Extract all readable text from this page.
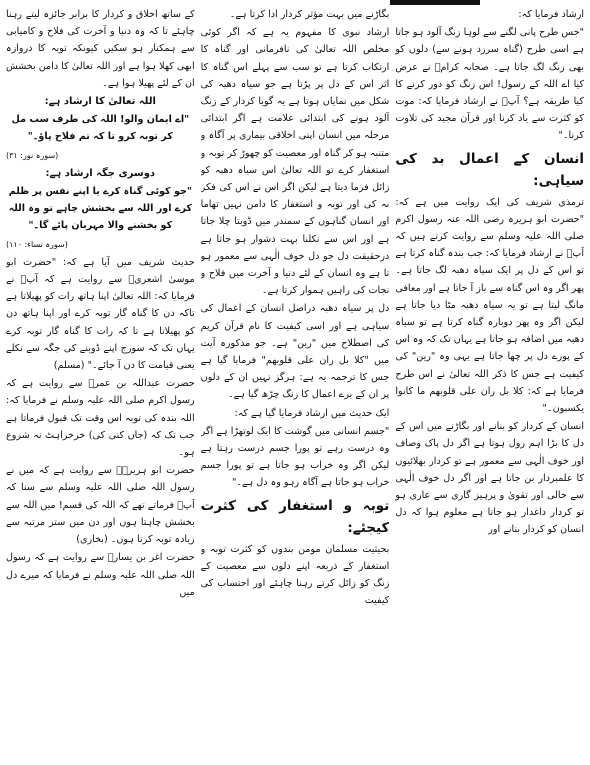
ارشاد فرمایا کہ:

"جس طرح پانی لگنے سے لوہا زنگ آلود ہو جاتا ہے اسی طرح (گناہ سرزد ہونے سے) دلوں کو بھی زنگ لگ جاتا ہے۔ صحابہ کرامؓ نے عرض کیا اے اللہ کے رسول! اس زنگ کو دور کرنے کا کیا طریقہ ہے؟ آپؐ نے ارشاد فرمایا کہ: موت کو کثرت سے یاد کرنا اور قرآن مجید کی تلاوت کرنا۔"

انسان کے اعمال بد کی سیاہی:

ترمذی شریف کی ایک روایت میں ہے کہ: "حضرت ابو ہریرہ رضی اللہ عنہ رسول اکرم صلی اللہ علیہ وسلم سے روایت کرتے ہیں کہ آپؐ نے ارشاد فرمایا کہ: جب بندہ گناہ کرتا ہے تو اس کے دل پر ایک سیاہ دھبہ لگ جاتا ہے۔ پھر اگر وہ اس گناہ سے باز آ جاتا ہے اور معافی مانگ لیتا ہے تو یہ سیاہ دھبہ مٹا دیا جاتا ہے لیکن اگر وہ پھر دوبارہ گناہ کرتا ہے تو سیاہ دھبہ میں اضافہ ہو جاتا ہے یہاں تک کہ وہ اس کے پورے دل پر چھا جاتا ہے یہی وہ "رین" کی کیفیت ہے جس کا ذکر اللہ تعالیٰ نے اس طرح فرمایا ہے کہ: کلا بل ران علی قلوبھم ما کانوا یکسبون۔"

انسان کے کردار کو بنانے اور بگاڑنے میں اس کے دل کا بڑا اہم رول ہوتا ہے اگر دل پاک وصاف اور خوف الٰہی سے معمور ہے تو کردار بھلائیوں کا علمبردار بن جاتا ہے اور اگر دل خوف الٰہی سے خالی اور تقویٰ و پرہیز گاری سے عاری ہو تو کردار داغدار ہو جاتا ہے معلوم ہوا کہ دل انسان کو کردار بنانے اور

بگاڑنے میں بہت مؤثر کردار ادا کرتا ہے۔

ارشاد نبوی کا مفہوم یہ ہے کہ اگر کوئی مخلص اللہ تعالیٰ کی نافرمانی اور گناہ کا ارتکاب کرتا ہے تو سب سے پہلے اس گناہ کا اثر اس کے دل پر پڑتا ہے جو سیاہ دھبہ کی شکل میں نمایاں ہوتا ہے یہ گویا کردار کے زنگ آلود ہونے کی ابتدائی علامت ہے اگر ابتدائی مرحلہ میں انسان اپنی اخلاقی بیماری پر آگاہ و متنبہ ہو کر گناہ اور معصیت کو چھوڑ کر توبہ و استغفار کرے تو اللہ تعالیٰ اس سیاہ دھبہ کو زائل فرما دیتا ہے لیکن اگر اس نے اس کی فکر نہ کی اور توبہ و استغفار کا دامن نہیں تھاما اور انسان گناہوں کے سمندر میں ڈوبتا چلا جاتا ہے اور اس سے نکلنا بہت دشوار ہو جاتا ہے درحقیقت دل جو دل خوف الٰہی سے معمور ہو تا ہے وہ انسان کے لئے دنیا و آخرت میں فلاح و نجات کی راہیں ہموار کرتا ہے۔

دل پر سیاہ دھبہ دراصل انسان کے اعمال کی سیاہی ہے اور اسی کیفیت کا نام قرآن کریم کی اصطلاح میں "رین" ہے۔ جو مذکورہ آیت میں "کلا بل ران علی قلوبھم" فرمایا گیا ہے جس کا ترجمہ یہ ہے: ہرگز نہیں ان کے دلوں پر ان کے برے اعمال کا زنگ چڑھ گیا ہے۔

ایک حدیث میں ارشاد فرمایا گیا ہے کہ:

"جسم انسانی میں گوشت کا ایک لوتھڑا ہے اگر وہ درست رہے تو پورا جسم درست رہتا ہے لیکن اگر وہ خراب ہو جاتا ہے تو پورا جسم خراب ہو جاتا ہے آگاہ رہو وہ دل ہے۔"

توبہ و استغفار کی کثرت کیجئے:

بحیثیت مسلمان مومن بندوں کو کثرت توبہ و استغفار کے ذریعہ اپنے دلوں سے معصیت کے زنگ کو زائل کرتے رہنا چاہئے اور احتساب کی کیفیت

کے ساتھ اخلاق و کردار کا برابر جائزہ لیتے رہنا چاہئے تا کہ وہ دنیا و آخرت کی فلاح و کامیابی سے ہمکنار ہو سکیں کیونکہ توبہ کا دروازہ ابھی کھلا ہوا ہے اور اللہ تعالیٰ کا دامن بخشش ان کے لئے پھیلا ہوا ہے۔

اللہ تعالیٰ کا ارشاد ہے:

"اے ایمان والو! اللہ کی طرف سب مل کر توبہ کرو تا کہ تم فلاح پاؤ۔"

(سورہ نور: ۳۱)

دوسری جگہ ارشاد ہے:

"جو کوئی گناہ کرے یا اپنے نفس پر ظلم کرے اور اللہ سے بخشش چاہے تو وہ اللہ کو بخشنے والا مہربان پائے گا۔"

(سورہ نساء: ۱۱۰)

حدیث شریف میں آیا ہے کہ: "حضرت ابو موسیٰ اشعریؓ سے روایت ہے کہ آپؐ نے فرمایا کہ: اللہ تعالیٰ اپنا ہاتھ رات کو پھیلاتا ہے تاکہ دن کا گناہ گار توبہ کرے اور اپنا ہاتھ دن کو پھیلاتا ہے تا کہ رات کا گناہ گار توبہ کرے یہاں تک کہ سورج اپنے ڈوبنے کی جگہ سے نکلے یعنی قیامت کا دن آ جائے۔" (مسلم)

حضرت عبداللہ بن عمرؓ سے روایت ہے کہ رسول اکرم صلی اللہ علیہ وسلم نے فرمایا کہ: اللہ بندہ کی توبہ اس وقت تک قبول فرماتا ہے جب تک کہ (جاں کنی کی) خرخراہٹ نہ شروع ہو۔

حضرت ابو ہریرہؓ سے روایت ہے کہ میں نے رسول اللہ صلی اللہ علیہ وسلم سے سنا کہ آپؐ فرماتے تھے کہ اللہ کی قسم! میں اللہ سے بخشش چاہتا ہوں اور دن میں ستر مرتبہ سے زیادہ توبہ کرتا ہوں۔ (بخاری)

حضرت اغر بن یسارؓ سے روایت ہے کہ رسول اللہ صلی اللہ علیہ وسلم نے فرمایا کہ میرے دل میں
